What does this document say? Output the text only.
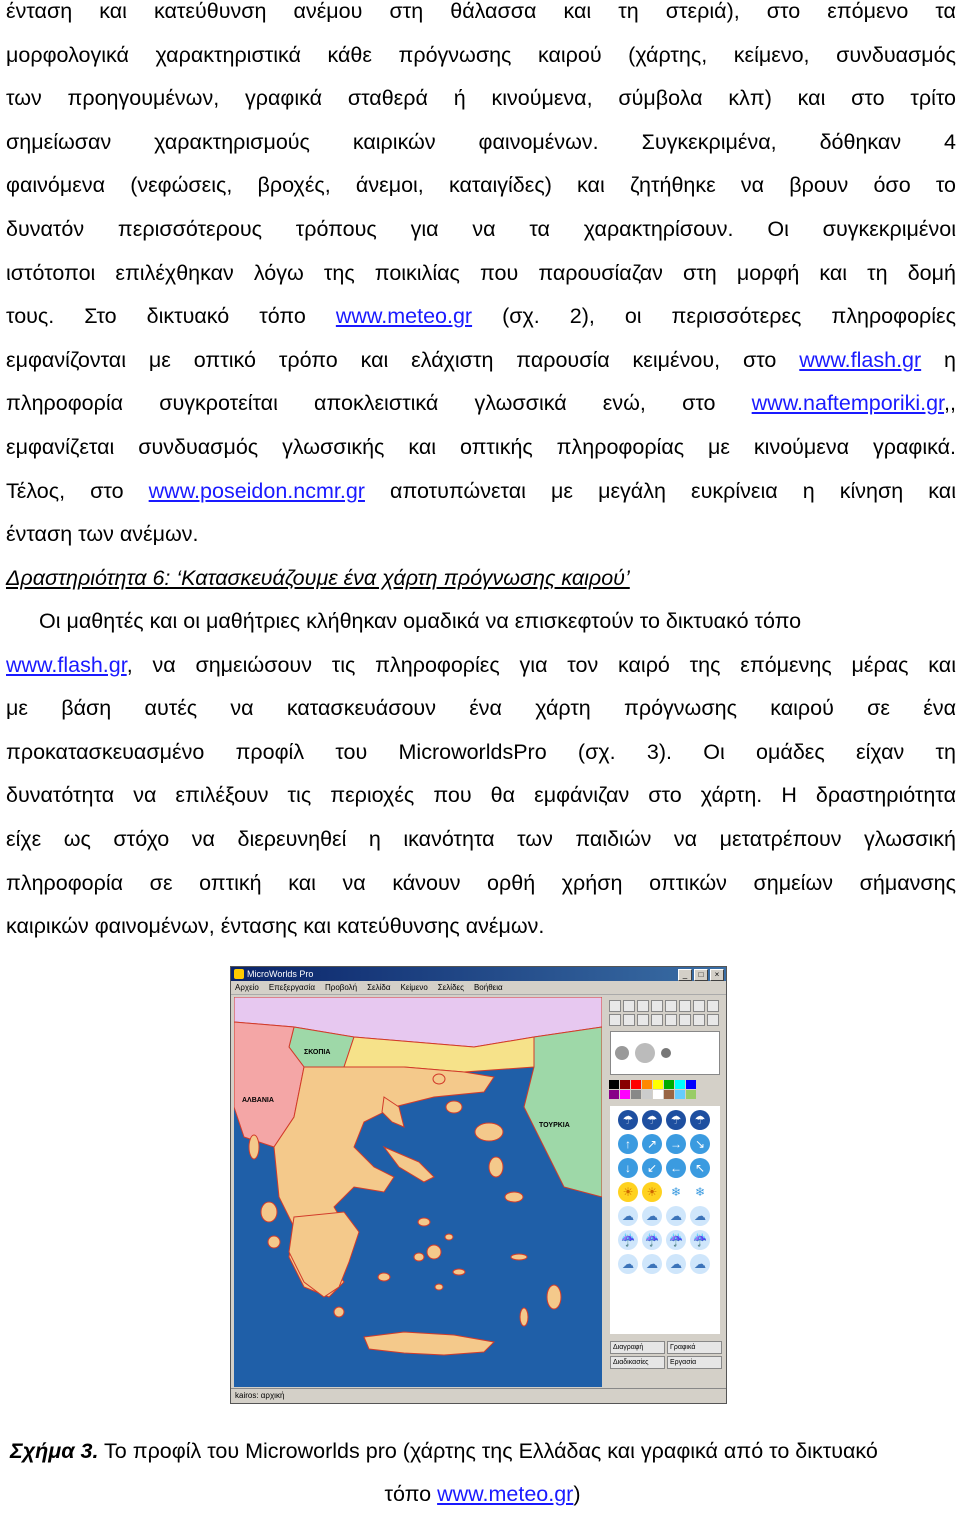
ένταση και κατεύθυνση ανέμου στη θάλασσα και τη στεριά), στο επόμενο τα
μορφολογικά χαρακτηριστικά κάθε πρόγνωσης καιρού (χάρτης, κείμενο, συνδυασμός
των προηγουμένων, γραφικά σταθερά ή κινούμενα, σύμβολα κλπ) και στο τρίτο
σημείωσαν χαρακτηρισμούς καιρικών φαινομένων. Συγκεκριμένα, δόθηκαν 4
φαινόμενα (νεφώσεις, βροχές, άνεμοι, καταιγίδες) και ζητήθηκε να βρουν όσο το
δυνατόν περισσότερους τρόπους για να τα χαρακτηρίσουν. Οι συγκεκριμένοι
ιστότοποι επιλέχθηκαν λόγω της ποικιλίας που παρουσίαζαν στη μορφή και τη δομή
τους. Στο δικτυακό τόπο www.meteo.gr (σχ. 2), οι περισσότερες πληροφορίες
εμφανίζονται με οπτικό τρόπο και ελάχιστη παρουσία κειμένου, στο www.flash.gr η
πληροφορία συγκροτείται αποκλειστικά γλωσσικά ενώ, στο www.naftemporiki.gr,,
εμφανίζεται συνδυασμός γλωσσικής και οπτικής πληροφορίας με κινούμενα γραφικά.
Τέλος, στο www.poseidon.ncmr.gr αποτυπώνεται με μεγάλη ευκρίνεια η κίνηση και
ένταση των ανέμων.
Δραστηριότητα 6: ‘Κατασκευάζουμε ένα χάρτη πρόγνωσης καιρού’
Οι μαθητές και οι μαθήτριες κλήθηκαν ομαδικά να επισκεφτούν το δικτυακό τόπο
www.flash.gr, να σημειώσουν τις πληροφορίες για τον καιρό της επόμενης μέρας και
με βάση αυτές να κατασκευάσουν ένα χάρτη πρόγνωσης καιρού σε ένα
προκατασκευασμένο προφίλ του MicroworldsPro (σχ. 3). Οι ομάδες είχαν τη
δυνατότητα να επιλέξουν τις περιοχές που θα εμφάνιζαν στο χάρτη. Η δραστηριότητα
είχε ως στόχο να διερευνηθεί η ικανότητα των παιδιών να μετατρέπουν γλωσσική
πληροφορία σε οπτική και να κάνουν ορθή χρήση οπτικών σημείων σήμανσης
καιρικών φαινομένων, έντασης και κατεύθυνσης ανέμων.
MicroWorlds Pro	_	□	×
Αρχείο Επεξεργασία Προβολή Σελίδα Κείμενο Σελίδες Βοήθεια
ΣΚΟΠΙΑ
ΑΛΒΑΝΙΑ
ΤΟΥΡΚΙΑ	☂	☂	☂	☂
↑	↗	→	↘
↓	↙	←	↖
☀	☀	❄	❄
☁	☁	☁	☁
☔ ☔ ☔ ☔
☁	☁	☁	☁
Διαγραφή	Γραφικά
Διαδικασίες	Εργασία
kairos: αρχική
Σχήμα 3. Το προφίλ του Microworlds pro (χάρτης της Ελλάδας και γραφικά από το δικτυακό
τόπο www.meteo.gr)
